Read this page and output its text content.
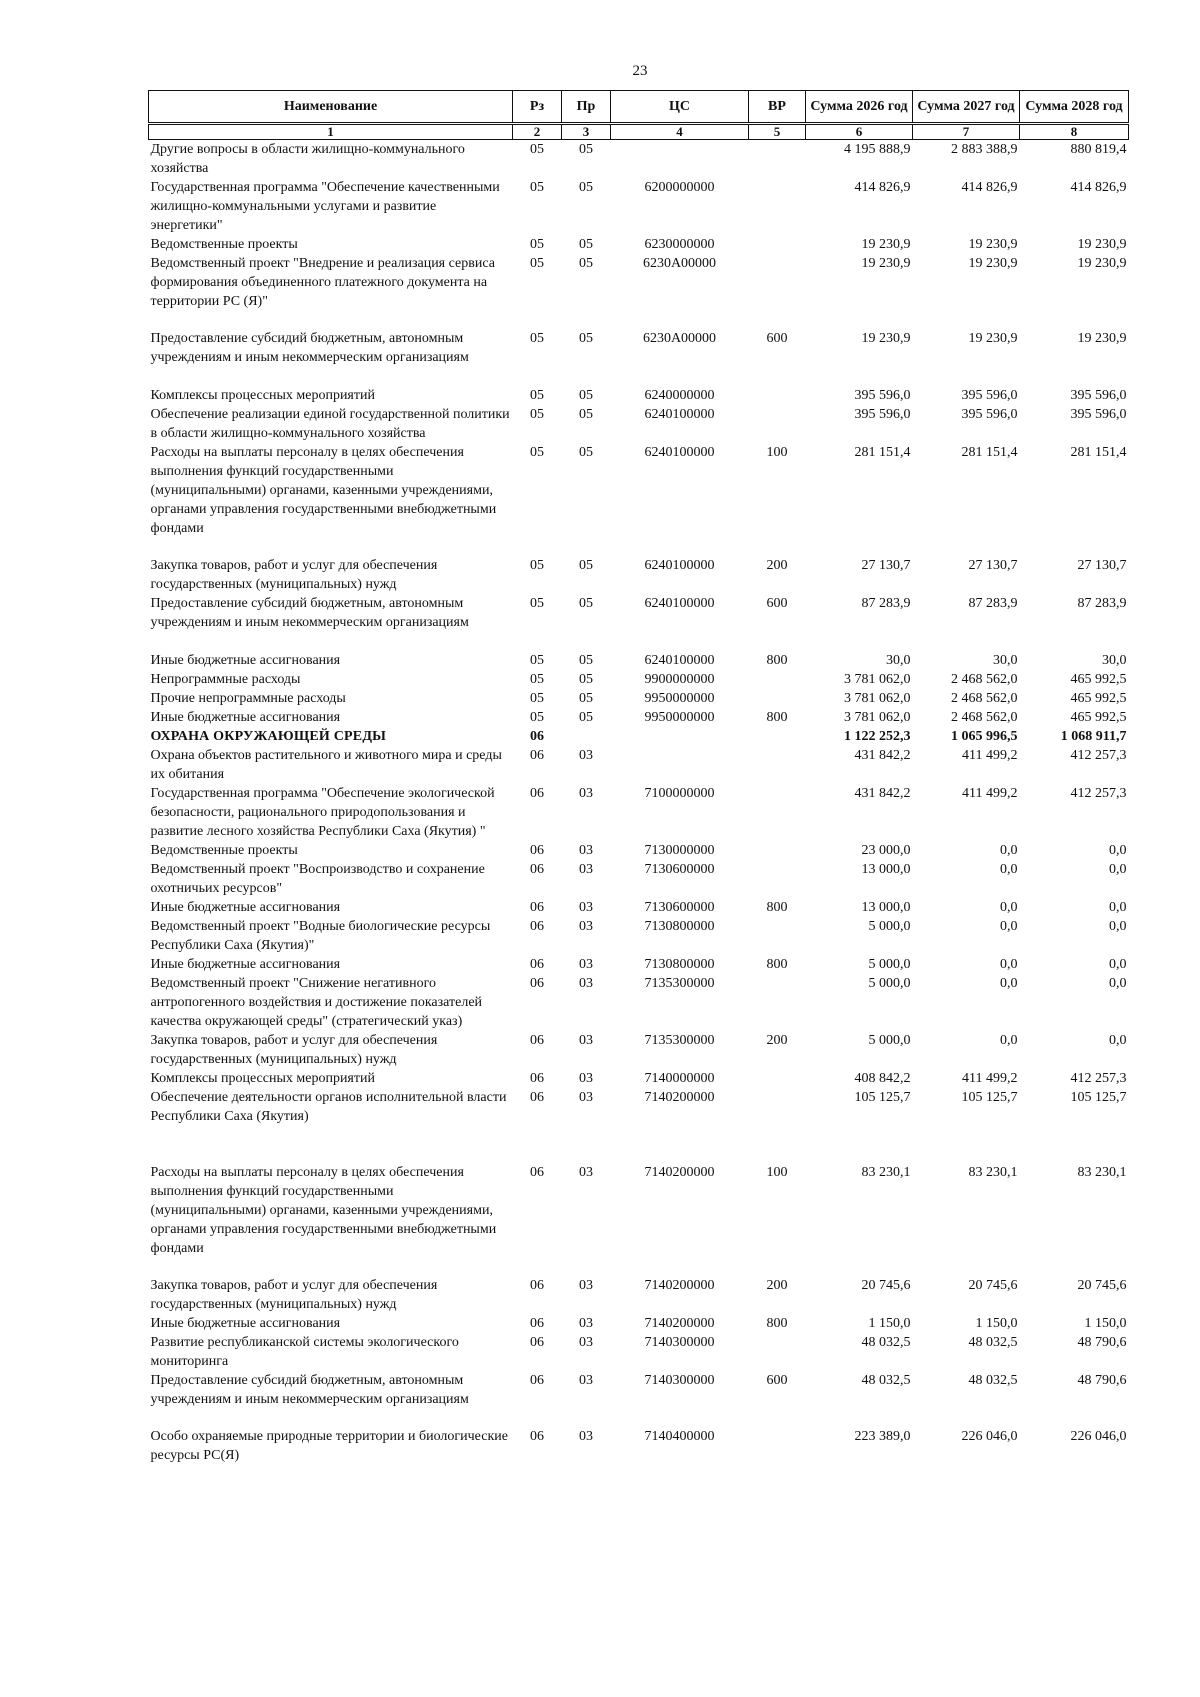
23
Наименование	Рз	Пр	ЦС	ВР	Сумма 2026 год	Сумма 2027 год	Сумма 2028 год
1	2	3	4	5	6	7	8
Другие вопросы в области жилищно-коммунального хозяйства	05	05			4 195 888,9	2 883 388,9	880 819,4
Государственная программа "Обеспечение качественными жилищно-коммунальными услугами и развитие энергетики"	05	05	6200000000		414 826,9	414 826,9	414 826,9
Ведомственные проекты	05	05	6230000000		19 230,9	19 230,9	19 230,9
Ведомственный проект "Внедрение и реализация сервиса формирования объединенного платежного документа на территории РС (Я)"	05	05	6230А00000		19 230,9	19 230,9	19 230,9
Предоставление субсидий бюджетным, автономным учреждениям и иным некоммерческим организациям	05	05	6230А00000	600	19 230,9	19 230,9	19 230,9
Комплексы процессных мероприятий	05	05	6240000000		395 596,0	395 596,0	395 596,0
Обеспечение реализации единой государственной политики в области жилищно-коммунального хозяйства	05	05	6240100000		395 596,0	395 596,0	395 596,0
Расходы на выплаты персоналу в целях обеспечения выполнения функций государственными (муниципальными) органами, казенными учреждениями, органами управления государственными внебюджетными фондами	05	05	6240100000	100	281 151,4	281 151,4	281 151,4
Закупка товаров, работ и услуг для обеспечения государственных (муниципальных) нужд	05	05	6240100000	200	27 130,7	27 130,7	27 130,7
Предоставление субсидий бюджетным, автономным учреждениям и иным некоммерческим организациям	05	05	6240100000	600	87 283,9	87 283,9	87 283,9
Иные бюджетные ассигнования	05	05	6240100000	800	30,0	30,0	30,0
Непрограммные расходы	05	05	9900000000		3 781 062,0	2 468 562,0	465 992,5
Прочие непрограммные расходы	05	05	9950000000		3 781 062,0	2 468 562,0	465 992,5
Иные бюджетные ассигнования	05	05	9950000000	800	3 781 062,0	2 468 562,0	465 992,5
ОХРАНА ОКРУЖАЮЩЕЙ СРЕДЫ	06				1 122 252,3	1 065 996,5	1 068 911,7
Охрана объектов растительного и животного мира и среды их обитания	06	03			431 842,2	411 499,2	412 257,3
Государственная программа "Обеспечение экологической безопасности, рационального природопользования и развитие лесного хозяйства Республики Саха (Якутия) "	06	03	7100000000		431 842,2	411 499,2	412 257,3
Ведомственные проекты	06	03	7130000000		23 000,0	0,0	0,0
Ведомственный проект "Воспроизводство и сохранение охотничьих ресурсов"	06	03	7130600000		13 000,0	0,0	0,0
Иные бюджетные ассигнования	06	03	7130600000	800	13 000,0	0,0	0,0
Ведомственный проект "Водные биологические ресурсы Республики Саха (Якутия)"	06	03	7130800000		5 000,0	0,0	0,0
Иные бюджетные ассигнования	06	03	7130800000	800	5 000,0	0,0	0,0
Ведомственный проект "Снижение негативного антропогенного воздействия и достижение показателей качества окружающей среды" (стратегический указ)	06	03	7135300000		5 000,0	0,0	0,0
Закупка товаров, работ и услуг для обеспечения государственных (муниципальных) нужд	06	03	7135300000	200	5 000,0	0,0	0,0
Комплексы процессных мероприятий	06	03	7140000000		408 842,2	411 499,2	412 257,3
Обеспечение деятельности органов исполнительной власти Республики Саха (Якутия)	06	03	7140200000		105 125,7	105 125,7	105 125,7
Расходы на выплаты персоналу в целях обеспечения выполнения функций государственными (муниципальными) органами, казенными учреждениями, органами управления государственными внебюджетными фондами	06	03	7140200000	100	83 230,1	83 230,1	83 230,1
Закупка товаров, работ и услуг для обеспечения государственных (муниципальных) нужд	06	03	7140200000	200	20 745,6	20 745,6	20 745,6
Иные бюджетные ассигнования	06	03	7140200000	800	1 150,0	1 150,0	1 150,0
Развитие республиканской системы экологического мониторинга	06	03	7140300000		48 032,5	48 032,5	48 790,6
Предоставление субсидий бюджетным, автономным учреждениям и иным некоммерческим организациям	06	03	7140300000	600	48 032,5	48 032,5	48 790,6
Особо охраняемые природные территории и биологические ресурсы РС(Я)	06	03	7140400000		223 389,0	226 046,0	226 046,0
